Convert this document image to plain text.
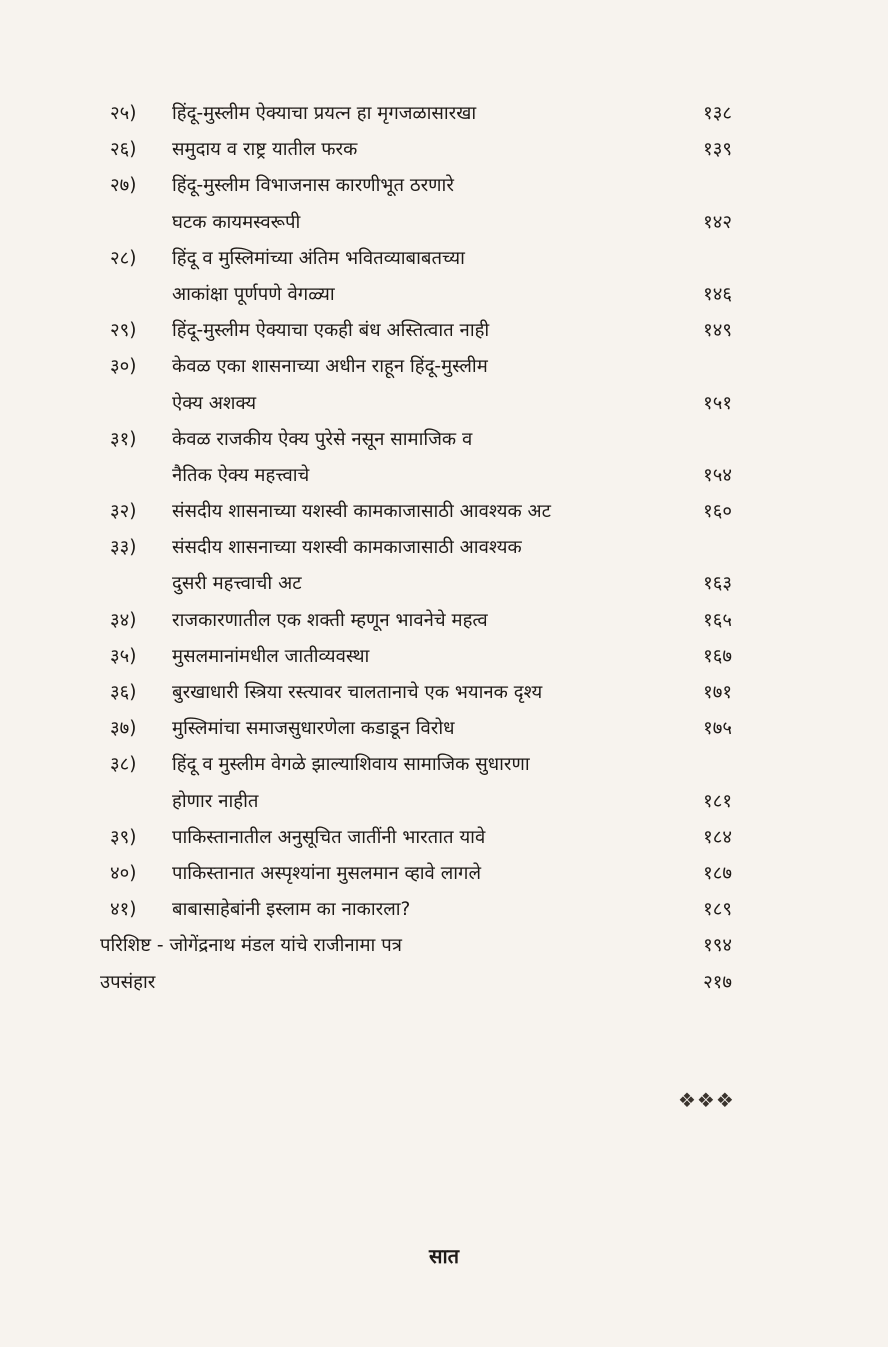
२५)	हिंदू-मुस्लीम ऐक्याचा प्रयत्न हा मृगजळासारखा	१३८
२६)	समुदाय व राष्ट्र यातील फरक	१३९
२७)	हिंदू-मुस्लीम विभाजनास कारणीभूत ठरणारे
घटक कायमस्वरूपी	१४२
२८)	हिंदू व मुस्लिमांच्या अंतिम भवितव्याबाबतच्या
आकांक्षा पूर्णपणे वेगळ्या	१४६
२९)	हिंदू-मुस्लीम ऐक्याचा एकही बंध अस्तित्वात नाही	१४९
३०)	केवळ एका शासनाच्या अधीन राहून हिंदू-मुस्लीम
ऐक्य अशक्य	१५१
३१)	केवळ राजकीय ऐक्य पुरेसे नसून सामाजिक व
नैतिक ऐक्य महत्त्वाचे	१५४
३२)	संसदीय शासनाच्या यशस्वी कामकाजासाठी आवश्यक अट	१६०
३३)	संसदीय शासनाच्या यशस्वी कामकाजासाठी आवश्यक
दुसरी महत्त्वाची अट	१६३
३४)	राजकारणातील एक शक्ती म्हणून भावनेचे महत्व	१६५
३५)	मुसलमानांमधील जातीव्यवस्था	१६७
३६)	बुरखाधारी स्त्रिया रस्त्यावर चालतानाचे एक भयानक दृश्य	१७१
३७)	मुस्लिमांचा समाजसुधारणेला कडाडून विरोध	१७५
३८)	हिंदू व मुस्लीम वेगळे झाल्याशिवाय सामाजिक सुधारणा
होणार नाहीत	१८१
३९)	पाकिस्तानातील अनुसूचित जातींनी भारतात यावे	१८४
४०)	पाकिस्तानात अस्पृश्यांना मुसलमान व्हावे लागले	१८७
४१)	बाबासाहेबांनी इस्लाम का नाकारला?	१८९
परिशिष्ट - जोगेंद्रनाथ मंडल यांचे राजीनामा पत्र	१९४
उपसंहार	२१७
❖❖❖
सात
